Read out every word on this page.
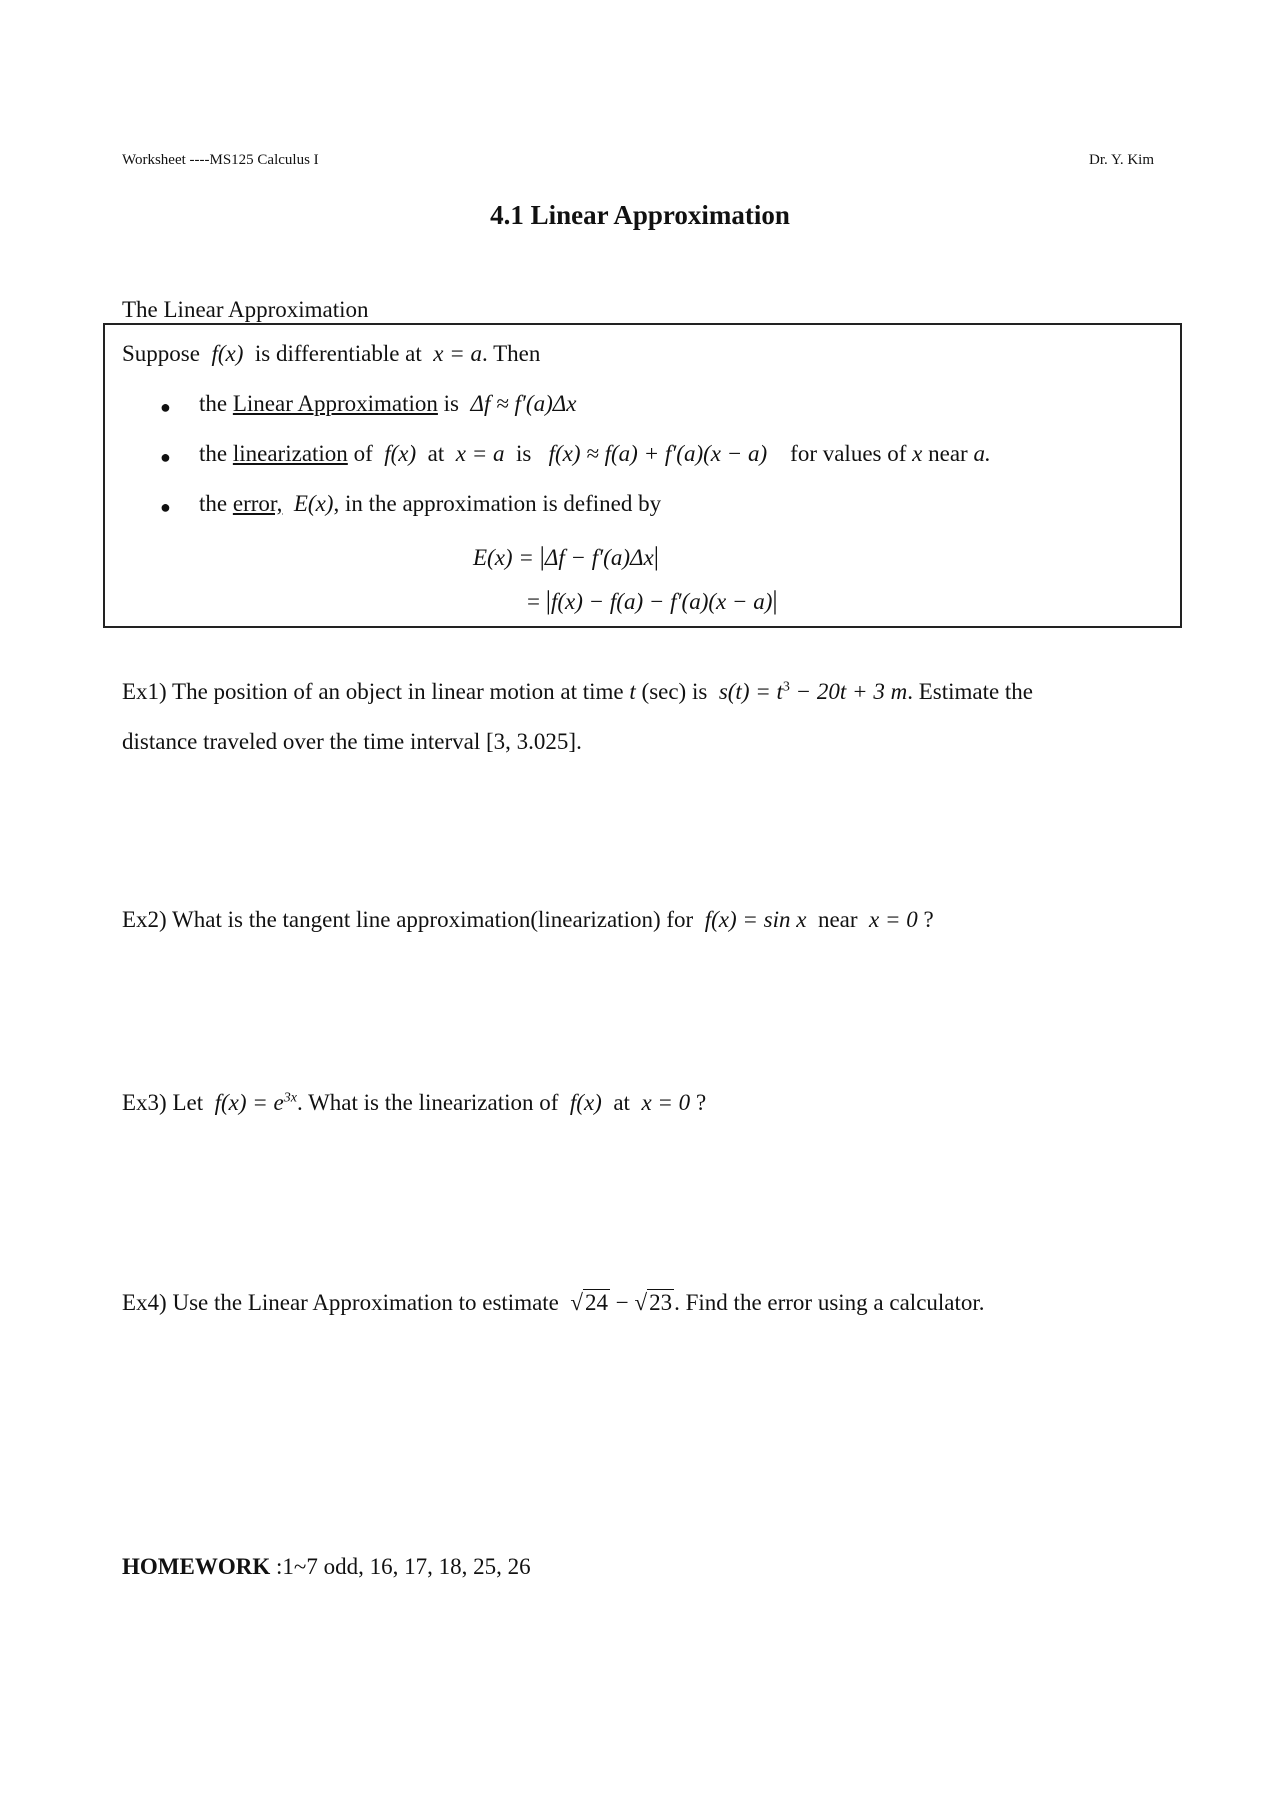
Worksheet ----MS125 Calculus I	Dr. Y. Kim
4.1 Linear Approximation
The Linear Approximation
Suppose f(x) is differentiable at x = a. Then
● the Linear Approximation is Δf ≈ f′(a)Δx
● the linearization of f(x) at x = a is f(x) ≈ f(a) + f′(a)(x − a) for values of x near a.
● the error, E(x), in the approximation is defined by
E(x) = |Δf − f′(a)Δx|
= |f(x) − f(a) − f′(a)(x − a)|
Ex1) The position of an object in linear motion at time t (sec) is $s(t) = t^3 - 20t + 3$ m. Estimate the
distance traveled over the time interval [3, 3.025].
Ex2) What is the tangent line approximation(linearization) for f(x) = sin x near x = 0 ?
Ex3) Let $f(x) = e^{3x}$. What is the linearization of f(x) at x = 0 ?
Ex4) Use the Linear Approximation to estimate √24 − √23. Find the error using a calculator.
HOMEWORK :1~7 odd, 16, 17, 18, 25, 26
